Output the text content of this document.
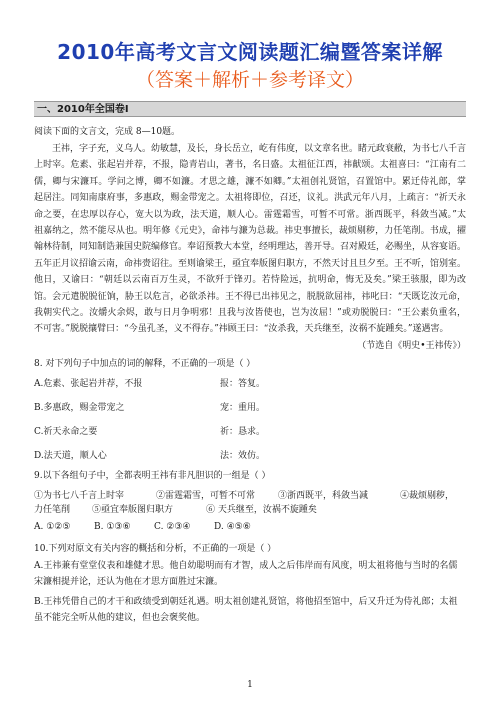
2010年高考文言文阅读题汇编暨答案详解
（答案＋解析＋参考译文）
一、2010年全国卷Ⅰ
阅读下面的文言文，完成 8—10题。

王祎，字子充，义乌人。幼敏慧，及长，身长岳立，屹有伟度，以文章名世。睹元政衰敝，为书七八千言上时宰。危素、张起岩并荐，不报，隐青岩山，著书，名日盛。太祖征江西，祎献颂。太祖喜曰：“江南有二儒，卿与宋濂耳。学问之博，卿不如濂。才思之雄，濂不如卿。”太祖创礼贤馆，召置馆中。累迁侍礼郎，掌起居注。同知南康府事，多惠政，赐金带宠之。太祖将即位，召还，议礼。洪武元年八月，上疏言：“祈天永命之要，在忠厚以存心，宽大以为政，法天道，顺人心。雷霆霜雪，可暂不可常。浙西既平，科敛当减。”太祖嘉纳之，然不能尽从也。明年修《元史》，命祎与濂为总裁。祎史事擅长，裁烦剔秽，力任笔削。书成，擢翰林待制，同知制诰兼国史院编修官。奉诏预教大本堂，经明理达，善开导。召对殿廷，必赐坐，从容宴语。五年正月议招谕云南，命祎赍诏往。至则谕梁王，亟宜奉版图归职方，不然天讨且旦夕至。王不听，馆别室。他日，又谕曰：“朝廷以云南百万生灵，不欲歼于锋刃。若恃险远，抗明命，悔无及矣。”梁王骇服，即为改馆。会元遣脱脱征饷，胁王以危言，必欲杀祎。王不得已出祎见之，脱脱欲屈祎，祎叱曰：“天既讫汝元命，我朝实代之。汝爝火余烬，敢与日月争明邪！且我与汝皆使也，岂为汝屈！”或劝脱脱曰：“王公素负重名，不可害。”脱脱攘臂曰：“今虽孔圣，义不得存。”祎顾王曰：“汝杀我，天兵继至，汝祸不旋踵矣。”遂遇害。

（节选自《明史•王祎传》）
8. 对下列句子中加点的词的解释，不正确的一项是（ ）
A.危素、张起岩并荐，不报	报：答复。
B.多惠政，赐金带宠之	宠：重用。
C.祈天永命之要	祈：恳求。
D.法天道，顺人心	法：效仿。
9.以下各组句子中，全都表明王祎有非凡胆识的一组是（ ）
①为书七八千言上时宰	②雷霆霜雪，可暂不可常	③浙西既平，科敛当减	④裁烦剔秽，
力任笔削 ⑤亟宜奉版图归职方	⑥ 天兵继至，汝祸不旋踵矣
A. ①②⑤	B. ①③⑥	C. ②③④	D. ④⑤⑥
10.下列对原文有关内容的概括和分析，不正确的一项是（ ）
A.王祎兼有堂堂仪表和雄健才思。他自幼聪明而有才智，成人之后伟岸而有风度，明太祖将他与当时的名儒宋濂相提并论，还认为他在才思方面胜过宋濂。
B.王祎凭借自己的才干和政绩受到朝廷礼遇。明太祖创建礼贤馆，将他招至馆中，后又升迁为侍礼郎；太祖虽不能完全听从他的建议，但也会褒奖他。
1
